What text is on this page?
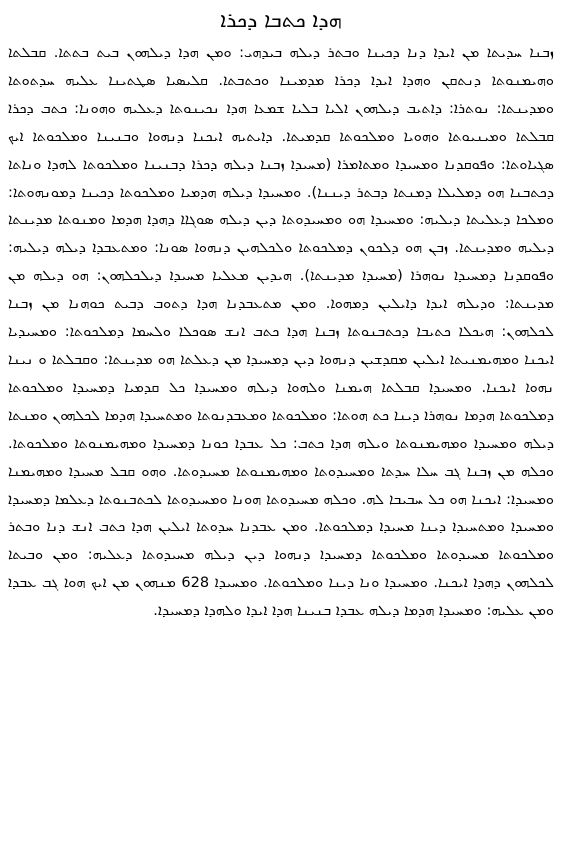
ܗܕܐ ܟܬܒܐ ܕܟܪܐ

ܙܒܢܐ ܚܕܝܬܐ ܡܢ ܐܝܕܐ ܕܢܐ ܕܟܝܢܐ ܘܒܬܪ ܕܝܠܗ ܒܝܕܗܝ: ܘܡܢ ܗܕܐ ܕܝܠܗܘܢ ܒܝܬ ܒܬܬܐ. ܩܒܠܬܐ ܘܗܝܡܢܘܬܐ ܕܢܬܩܢ ܘܗܕܐ ܐܝܕܐ ܕܟܪܐ ܡܕܡܝܢܐ ܘܟܬܒܬܐ. ܩܠܝܣܝܐ ܣܛܬܝܢܐ ܥܠܝܗ ܚܕܬܘܬܐ ܘܡܕܝܢܬܐ: ܢܘܬܪܐ: ܕܐܬܝܒ ܕܝܠܗܘܢ ܐܠܝܐ ܒܠܝܐ ܫܡܥܐ ܗܕܐ ܢܟܝܢܘܬܐ ܕܥܠܝܗ ܘܗܘܢܐ: ܟܬܒ ܕܟܪܐ ܩܒܠܬܐ ܘܡܝܢܝܘܬܐ ܘܗܘܝܐ ܘܡܠܟܘܬܐ ܩܕܡܝܬܐ. ܕܐܝܬܝܗ ܐܝܟܢܐ ܕܢܗܘܐ ܘܒܢܝܢܐ ܘܡܠܟܘܬܐ ܐܝܟ ܣܓܝܐܘܬܐ: ܘܦܘܩܕܢܐ ܘܡܚܝܕܐ ܘܡܬܐܡܪܐ (ܡܚܝܕܐ ܙܒܢܐ ܕܝܠܗ ܕܟܪܐ ܕܒܢܝܢܐ ܘܡܠܟܘܬܐ ܠܗܕܐ ܘܢܐܬܐ ܕܟܬܒܢܐ ܗܘ ܕܡܠܝܠܐ ܕܡܢܬܐ ܕܒܬܪ ܕܝܢܢܐ). ܘܡܚܝܕܐ ܕܝܠܗ ܗܕܡܝܐ ܘܡܠܟܘܬܐ ܕܟܝܢܐ ܕܡܘܢܗܘܬܐ: ܘܡܠܟܐ ܕܥܠܝܬܐ ܕܝܠܝܗ: ܘܡܚܝܕܐ ܗܘ ܘܡܚܝܕܘܬܐ ܕܝܢ ܕܝܠܗ ܣܘܓܐܐ ܕܗܕܐ ܗܕܡܐ ܘܡܢܘܬܐ ܡܕܝܢܬܐ ܕܝܠܝܗ ܘܡܕܝܢܬܐ. ܙܒܢ ܗܘ ܕܠܟܘܢ ܕܡܠܟܘܬܐ ܘܠܟܠܗܝܢ ܕܢܗܘܐ ܣܘܢܐ: ܘܡܬܥܒܕܐ ܕܝܠܗ ܕܝܠܝܗ: ܘܦܘܩܕܢܐ ܕܡܚܝܕܐ ܢܘܗܪܐ (ܡܚܝܕܐ ܡܕܝܢܬܐ). ܗܝܕܝܢ ܡܥܠܝܐ ܡܚܝܕܐ ܕܝܠܟܠܗܘܢ: ܗܘ ܕܝܠܗ ܡܢ ܡܕܝܢܬܐ: ܘܕܝܠܗ ܐܝܕܐ ܕܐܝܠܝܢ ܕܡܗܘܐ. ܘܡܢ ܡܬܥܒܕܢܐ ܗܕܐ ܕܬܘܒ ܕܒܝܬ ܟܘܗܢܐ ܡܢ ܙܒܢܐ ܠܟܠܗܘܢ: ܗܝܟܠܐ ܟܬܝܒܐ ܕܟܬܒܢܘܬܐ ܙܒܢܐ ܗܕܐ ܟܬܒ ܐܢܫ ܣܘܟܠܐ ܘܠܚܡܐ ܕܡܠܟܘܬܐ: ܘܡܚܝܕܝܐ ܐܝܟܢܐ ܘܡܗܝܡܢܝܬܐ ܐܝܠܝܢ ܡܩܕܫܝܢ ܕܢܗܘܐ ܕܝܢ ܕܡܚܝܕܐ ܡܢ ܕܥܠܬܐ ܗܘ ܡܕܝܢܬܐ: ܘܩܒܠܬܐ ܘ ܢܝܢܐ ܢܗܘܐ ܐܝܟܢܐ. ܘܡܚܝܕܐ ܩܒܠܬܐ ܗܝܡܢܐ ܘܠܗܘܐ ܕܝܠܗ ܘܡܚܝܕܐ ܟܠ ܩܕܡܝܐ ܕܡܚܝܕܐ ܘܡܠܟܘܬܐ ܕܡܠܟܘܬܐ ܗܕܡܐ ܢܘܗܪܐ ܕܝܢܐ ܟܬ ܗܘܬܐ: ܘܡܠܟܘܬܐ ܘܡܥܒܕܢܘܬܐ ܘܡܬܚܝܕܐ ܗܕܡܐ ܠܟܠܗܘܢ ܘܡܢܬܐ ܕܝܠܗ ܘܡܚܝܕܐ ܘܡܗܝܡܢܘܬܐ ܘܝܠܗ ܗܕܐ ܟܬܒ: ܟܠ ܥܒܕܐ ܟܘܢܐ ܕܡܚܝܕܐ ܘܡܗܝܡܢܘܬܐ ܘܡܠܟܘܬܐ. ܘܟܠܗ ܡܢ ܙܒܢܐ ܓܒ ܚܠܐ ܚܕܬܐ ܘܡܚܝܕܘܬܐ ܘܡܗܝܡܢܘܬܐ ܡܚܝܕܘܬܐ. ܘܗܘ ܩܒܠ ܡܚܝܕܐ ܘܡܗܝܡܢܐ ܘܡܚܝܕܐ: ܐܝܟܢܐ ܗܘ ܟܠ ܚܒܝܒܐ ܠܗ. ܘܟܠܗ ܡܚܝܕܘܬܐ ܗܘܢܐ ܘܡܚܝܕܘܬܐ ܠܟܬܒܢܘܬܐ ܕܥܠܡܐ ܕܡܚܝܕܐ ܘܡܚܝܕܐ ܘܡܬܚܝܕܐ ܕܝܢܐ ܡܚܝܕܐ ܕܡܠܟܘܬܐ. ܘܡܢ ܥܒܕܢܐ ܚܕܘܬܐ ܐܝܠܝܢ ܗܕܐ ܟܬܒ ܐܢܫ ܕܢܐ ܘܒܬܪ ܘܡܠܟܘܬܐ ܡܚܝܕܘܬܐ ܘܡܠܟܘܬܐ ܕܡܚܝܕܐ ܕܢܗܘܐ ܕܝܢ ܕܝܠܗ ܡܚܝܕܘܬܐ ܕܥܠܝܗ: ܘܡܢ ܘܒܝܬܐ ܠܟܠܗܘܢ ܕܗܕܐ ܐܝܟܢܐ. ܘܡܚܝܕܐ ܘܢܐ ܕܝܢܐ ܘܡܠܟܘܬܐ. ܘܡܚܝܕܐ 628 ܡܢܗܘܢ ܡܢ ܐܝܟ ܗܘܐ ܓܒ ܥܒܕܐ ܘܡܢ ܥܠܝܗ: ܘܡܚܝܕܐ ܗܕܡܐ ܕܝܠܗ ܥܒܕܐ ܒܢܝܢܐ ܗܕܐ ܐܝܕܐ ܘܠܗܕܐ ܕܡܚܝܕܐ.
